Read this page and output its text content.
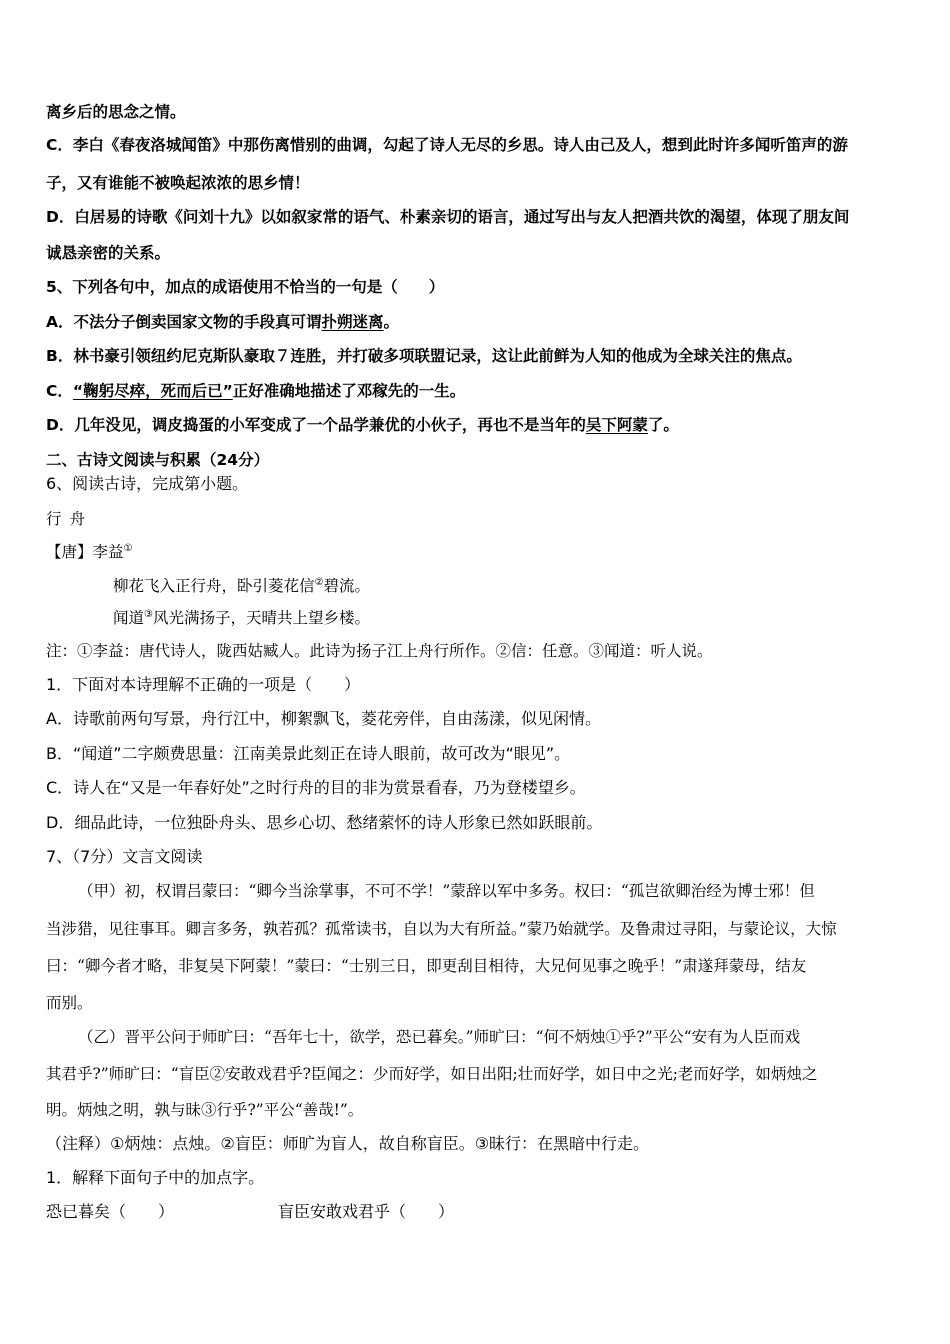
离乡后的思念之情。
C．李白《春夜洛城闻笛》中那伤离惜别的曲调，勾起了诗人无尽的乡思。诗人由己及人，想到此时许多闻听笛声的游
子，又有谁能不被唤起浓浓的思乡情！
D．白居易的诗歌《问刘十九》以如叙家常的语气、朴素亲切的语言，通过写出与友人把酒共饮的渴望，体现了朋友间
诚恳亲密的关系。
5、下列各句中，加点的成语使用不恰当的一句是（　　）
A．不法分子倒卖国家文物的手段真可谓扑朔迷离。
B．林书豪引领纽约尼克斯队豪取７连胜，并打破多项联盟记录，这让此前鲜为人知的他成为全球关注的焦点。
C．“鞠躬尽瘁，死而后已”正好准确地描述了邓稼先的一生。
D．几年没见，调皮捣蛋的小军变成了一个品学兼优的小伙子，再也不是当年的吴下阿蒙了。
二、古诗文阅读与积累（24分）
6、阅读古诗，完成第小题。
行舟
【唐】李益①
柳花飞入正行舟，卧引菱花信②碧流。
闻道③风光满扬子，天晴共上望乡楼。
注：①李益：唐代诗人，陇西姑臧人。此诗为扬子江上舟行所作。②信：任意。③闻道：听人说。
1．下面对本诗理解不正确的一项是（　　）
A．诗歌前两句写景，舟行江中，柳絮飘飞，菱花旁伴，自由荡漾，似见闲情。
B．“闻道”二字颇费思量：江南美景此刻正在诗人眼前，故可改为“眼见”。
C．诗人在“又是一年春好处”之时行舟的目的非为赏景看春，乃为登楼望乡。
D．细品此诗，一位独卧舟头、思乡心切、愁绪萦怀的诗人形象已然如跃眼前。
7、（7分）文言文阅读
（甲）初，权谓吕蒙曰：“卿今当涂掌事，不可不学！”蒙辞以军中多务。权曰：“孤岂欲卿治经为博士邪！但
当涉猎，见往事耳。卿言多务，孰若孤？孤常读书，自以为大有所益。”蒙乃始就学。及鲁肃过寻阳，与蒙论议，大惊
曰：“卿今者才略，非复吴下阿蒙！”蒙曰：“士别三日，即更刮目相待，大兄何见事之晚乎！”肃遂拜蒙母，结友
而别。
（乙）晋平公问于师旷曰：“吾年七十，欲学，恐已暮矣。”师旷曰：“何不炳烛①乎?”平公“安有为人臣而戏
其君乎?”师旷曰：“盲臣②安敢戏君乎?臣闻之：少而好学，如日出阳;壮而好学，如日中之光;老而好学，如炳烛之
明。炳烛之明，孰与昧③行乎?”平公“善哉!”。
（注释）①炳烛：点烛。②盲臣：师旷为盲人，故自称盲臣。③昧行：在黑暗中行走。
1．解释下面句子中的加点字。
恐已暮矣（　　）	盲臣安敢戏君乎（　　）
